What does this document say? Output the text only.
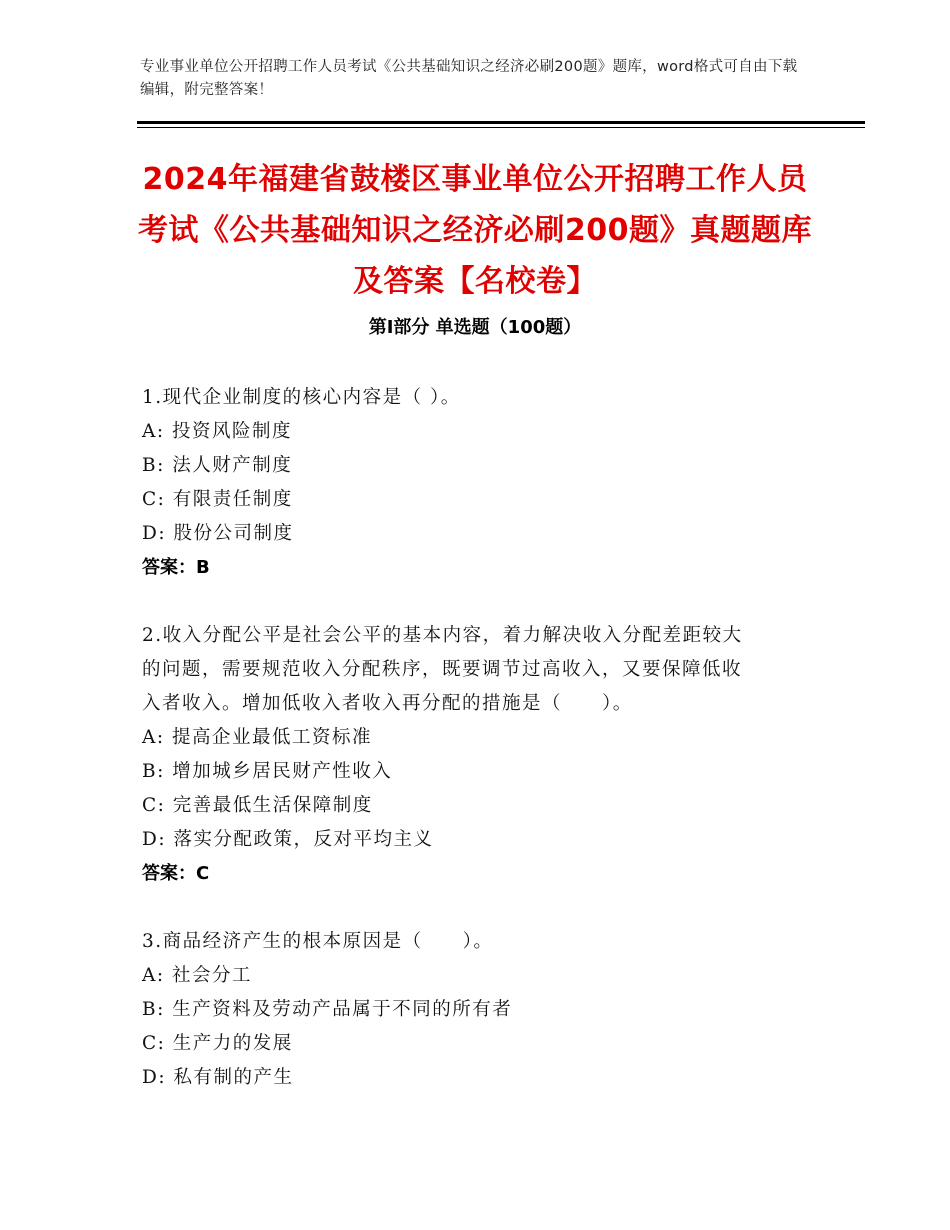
专业事业单位公开招聘工作人员考试《公共基础知识之经济必刷200题》题库，word格式可自由下载编辑，附完整答案！
2024年福建省鼓楼区事业单位公开招聘工作人员考试《公共基础知识之经济必刷200题》真题题库及答案【名校卷】
第Ⅰ部分 单选题（100题）
1.现代企业制度的核心内容是（ ）。
A: 投资风险制度
B: 法人财产制度
C: 有限责任制度
D: 股份公司制度
答案：B
2.收入分配公平是社会公平的基本内容，着力解决收入分配差距较大
的问题，需要规范收入分配秩序，既要调节过高收入，又要保障低收
入者收入。增加低收入者收入再分配的措施是（　　）。
A: 提高企业最低工资标准
B: 增加城乡居民财产性收入
C: 完善最低生活保障制度
D: 落实分配政策，反对平均主义
答案：C
3.商品经济产生的根本原因是（　　）。
A: 社会分工
B: 生产资料及劳动产品属于不同的所有者
C: 生产力的发展
D: 私有制的产生
